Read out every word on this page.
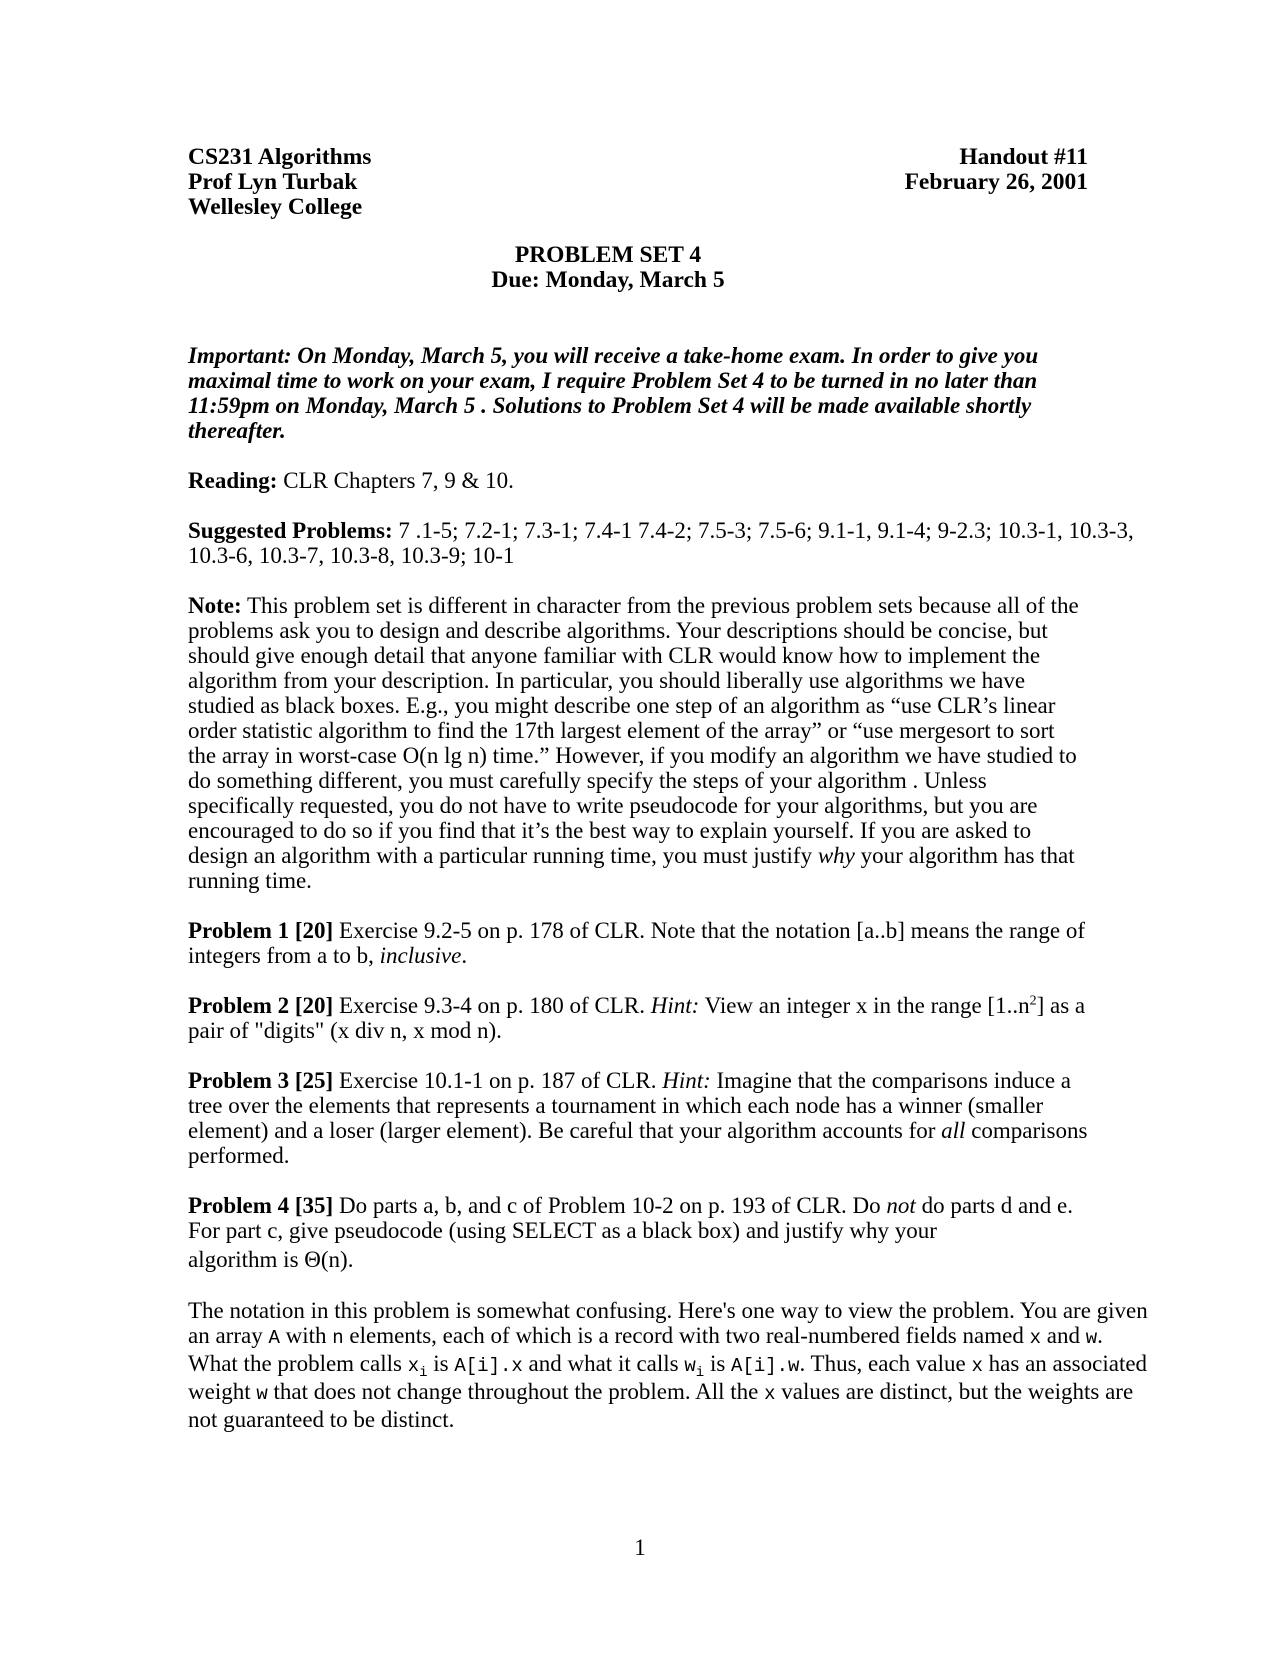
CS231 Algorithms
Prof Lyn Turbak
Wellesley College
Handout #11
February 26, 2001
PROBLEM SET 4
Due: Monday, March 5
Important: On Monday, March 5, you will receive a take-home exam. In order to give you maximal time to work on your exam, I require Problem Set 4 to be turned in no later than 11:59pm on Monday, March 5 . Solutions to Problem Set 4 will be made available shortly thereafter.
Reading: CLR Chapters 7, 9 & 10.
Suggested Problems: 7 .1-5; 7.2-1; 7.3-1; 7.4-1 7.4-2; 7.5-3; 7.5-6; 9.1-1, 9.1-4; 9-2.3; 10.3-1, 10.3-3, 10.3-6, 10.3-7, 10.3-8, 10.3-9; 10-1
Note: This problem set is different in character from the previous problem sets because all of the problems ask you to design and describe algorithms. Your descriptions should be concise, but should give enough detail that anyone familiar with CLR would know how to implement the algorithm from your description. In particular, you should liberally use algorithms we have studied as black boxes. E.g., you might describe one step of an algorithm as “use CLR’s linear order statistic algorithm to find the 17th largest element of the array” or “use mergesort to sort the array in worst-case O(n lg n) time.” However, if you modify an algorithm we have studied to do something different, you must carefully specify the steps of your algorithm . Unless specifically requested, you do not have to write pseudocode for your algorithms, but you are encouraged to do so if you find that it’s the best way to explain yourself. If you are asked to design an algorithm with a particular running time, you must justify why your algorithm has that running time.
Problem 1 [20] Exercise 9.2-5 on p. 178 of CLR. Note that the notation [a..b] means the range of integers from a to b, inclusive.
Problem 2 [20] Exercise 9.3-4 on p. 180 of CLR. Hint: View an integer x in the range $[1..n^2]$ as a pair of "digits" (x div n, x mod n).
Problem 3 [25] Exercise 10.1-1 on p. 187 of CLR. Hint: Imagine that the comparisons induce a tree over the elements that represents a tournament in which each node has a winner (smaller element) and a loser (larger element). Be careful that your algorithm accounts for all comparisons performed.
Problem 4 [35] Do parts a, b, and c of Problem 10-2 on p. 193 of CLR. Do not do parts d and e. For part c, give pseudocode (using SELECT as a black box) and justify why your
algorithm is Θ(n).
The notation in this problem is somewhat confusing. Here's one way to view the problem. You are given an array A with n elements, each of which is a record with two real-numbered fields named x and w. What the problem calls $x_i$ is A[i].x and what it calls $w_i$ is A[i].w. Thus, each value x has an associated weight w that does not change throughout the problem. All the x values are distinct, but the weights are not guaranteed to be distinct.
1
